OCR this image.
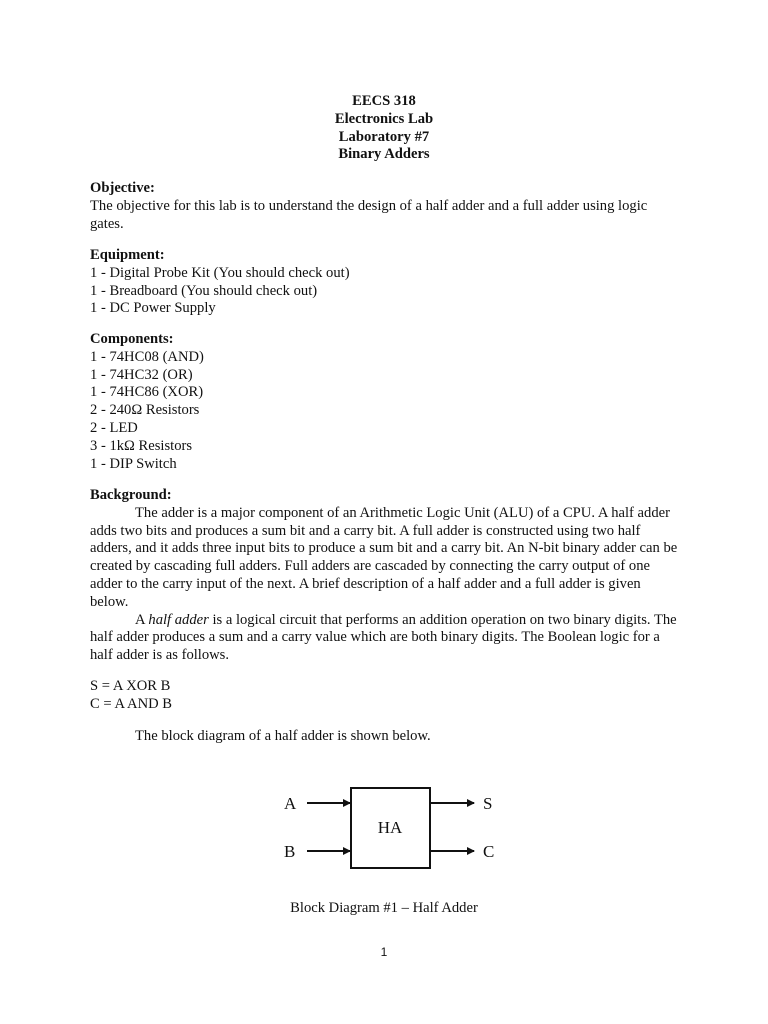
EECS 318
Electronics Lab
Laboratory #7
Binary Adders
Objective:
The objective for this lab is to understand the design of a half adder and a full adder using logic
gates.
Equipment:
1 - Digital Probe Kit (You should check out)
1 - Breadboard (You should check out)
1 - DC Power Supply
Components:
1 - 74HC08 (AND)
1 - 74HC32 (OR)
1 - 74HC86 (XOR)
2 - 240Ω Resistors
2 - LED
3 - 1kΩ Resistors
1 - DIP Switch
Background:

The adder is a major component of an Arithmetic Logic Unit (ALU) of a CPU. A half adder adds two bits and produces a sum bit and a carry bit. A full adder is constructed using two half adders, and it adds three input bits to produce a sum bit and a carry bit. An N-bit binary adder can be created by cascading full adders. Full adders are cascaded by connecting the carry output of one adder to the carry input of the next. A brief description of a half adder and a full adder is given below.

A half adder is a logical circuit that performs an addition operation on two binary digits. The half adder produces a sum and a carry value which are both binary digits. The Boolean logic for a half adder is as follows.

S = A XOR B
C = A AND B
The block diagram of a half adder is shown below.
HA
A
B
S
C
Block Diagram #1 – Half Adder
1
